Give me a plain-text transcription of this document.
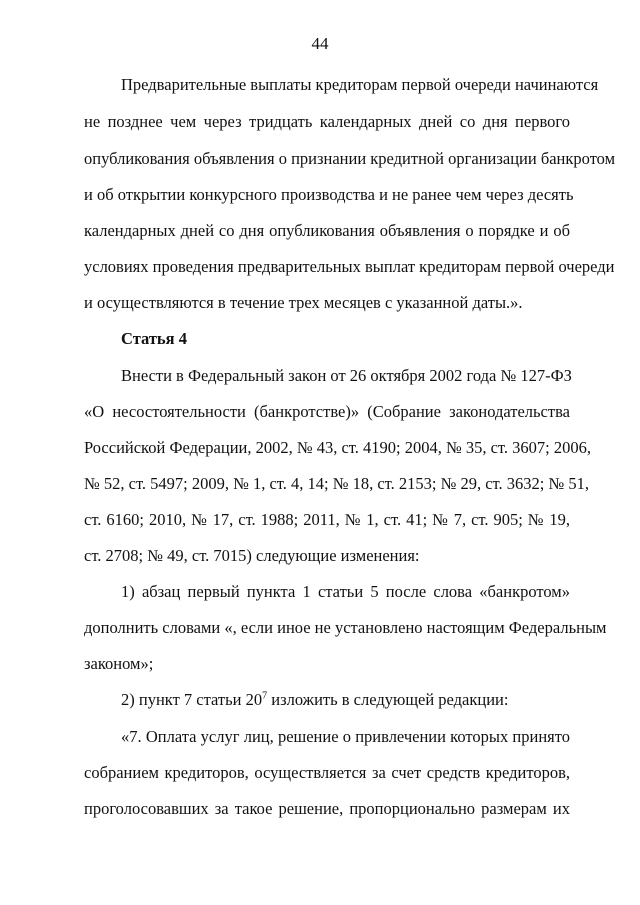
44
Предварительные выплаты кредиторам первой очереди начинаются
не позднее чем через тридцать календарных дней со дня первого
опубликования объявления о признании кредитной организации банкротом
и об открытии конкурсного производства и не ранее чем через десять
календарных дней со дня опубликования объявления о порядке и об
условиях проведения предварительных выплат кредиторам первой очереди
и осуществляются в течение трех месяцев с указанной даты.».
Статья 4
Внести в Федеральный закон от 26 октября 2002 года № 127-ФЗ
«О несостоятельности (банкротстве)» (Собрание законодательства
Российской Федерации, 2002, № 43, ст. 4190; 2004, № 35, ст. 3607; 2006,
№ 52, ст. 5497; 2009, № 1, ст. 4, 14; № 18, ст. 2153; № 29, ст. 3632; № 51,
ст. 6160; 2010, № 17, ст. 1988; 2011, № 1, ст. 41; № 7, ст. 905; № 19,
ст. 2708; № 49, ст. 7015) следующие изменения:
1) абзац первый пункта 1 статьи 5 после слова «банкротом»
дополнить словами «, если иное не установлено настоящим Федеральным
законом»;
2) пункт 7 статьи $20^7$ изложить в следующей редакции:
«7. Оплата услуг лиц, решение о привлечении которых принято
собранием кредиторов, осуществляется за счет средств кредиторов,
проголосовавших за такое решение, пропорционально размерам их
